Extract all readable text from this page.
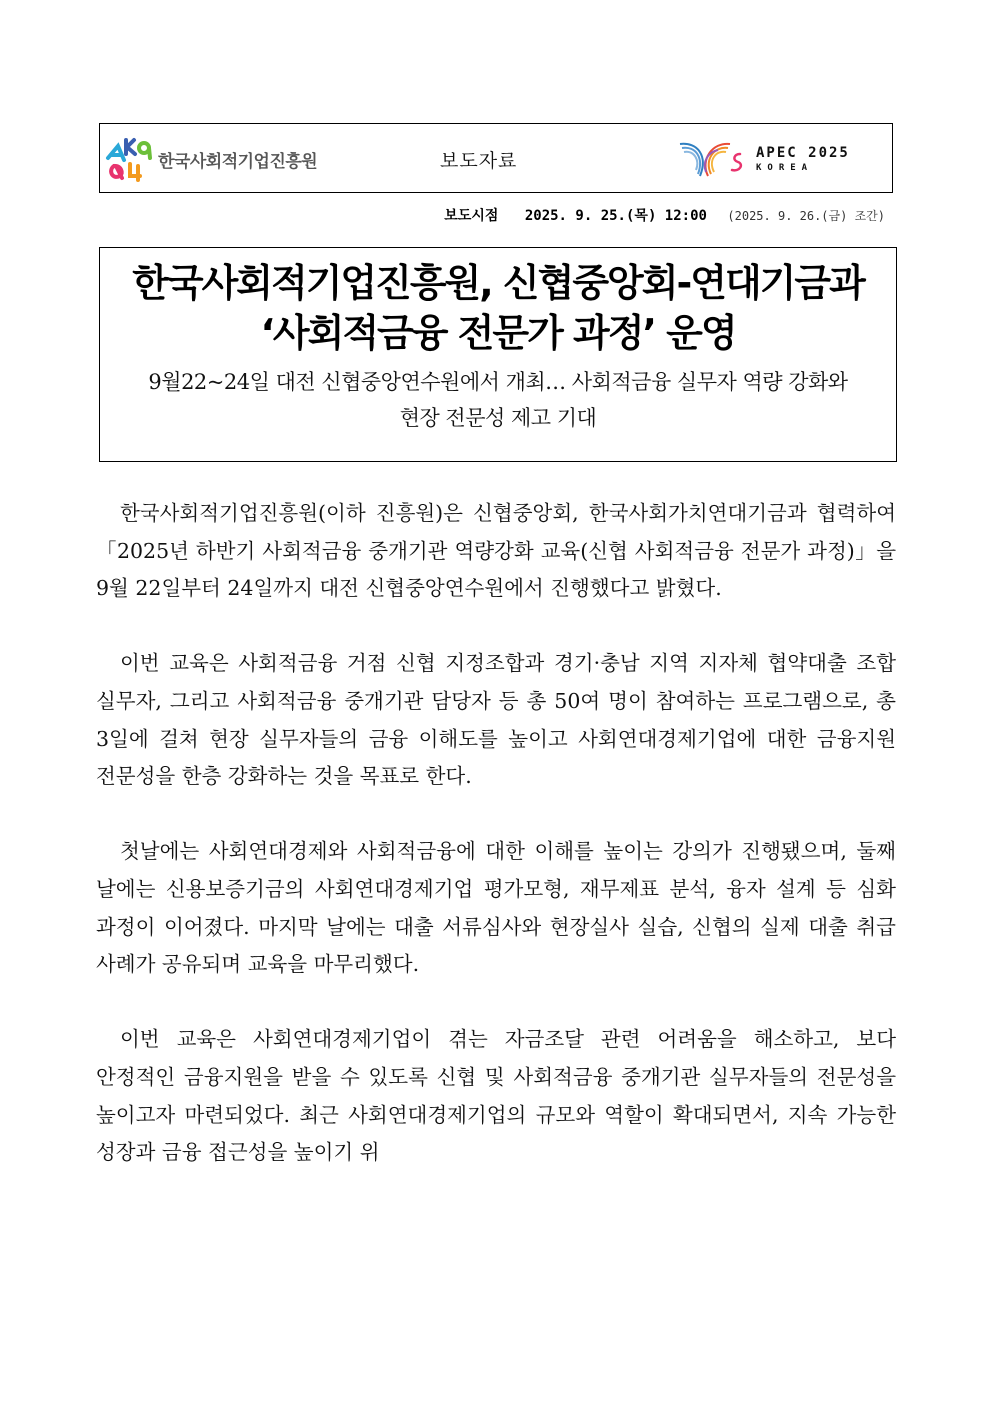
한국사회적기업진흥원	보도자료	APEC 2025
KOREA
보도시점 2025. 9. 25.(목) 12:00 (2025. 9. 26.(금) 조간)
한국사회적기업진흥원, 신협중앙회-연대기금과
‘사회적금융 전문가 과정’ 운영
9월22~24일 대전 신협중앙연수원에서 개최… 사회적금융 실무자 역량 강화와
현장 전문성 제고 기대

한국사회적기업진흥원(이하 진흥원)은 신협중앙회, 한국사회가치연대기금과 협력하여 「2025년 하반기 사회적금융 중개기관 역량강화 교육(신협 사회적금융 전문가 과정)」을 9월 22일부터 24일까지 대전 신협중앙연수원에서 진행했다고 밝혔다.

이번 교육은 사회적금융 거점 신협 지정조합과 경기·충남 지역 지자체 협약대출 조합 실무자, 그리고 사회적금융 중개기관 담당자 등 총 50여 명이 참여하는 프로그램으로, 총 3일에 걸쳐 현장 실무자들의 금융 이해도를 높이고 사회연대경제기업에 대한 금융지원 전문성을 한층 강화하는 것을 목표로 한다.

첫날에는 사회연대경제와 사회적금융에 대한 이해를 높이는 강의가 진행됐으며, 둘째 날에는 신용보증기금의 사회연대경제기업 평가모형, 재무제표 분석, 융자 설계 등 심화 과정이 이어졌다. 마지막 날에는 대출 서류심사와 현장실사 실습, 신협의 실제 대출 취급 사례가 공유되며 교육을 마무리했다.

이번 교육은 사회연대경제기업이 겪는 자금조달 관련 어려움을 해소하고, 보다 안정적인 금융지원을 받을 수 있도록 신협 및 사회적금융 중개기관 실무자들의 전문성을 높이고자 마련되었다. 최근 사회연대경제기업의 규모와 역할이 확대되면서, 지속 가능한 성장과 금융 접근성을 높이기 위
